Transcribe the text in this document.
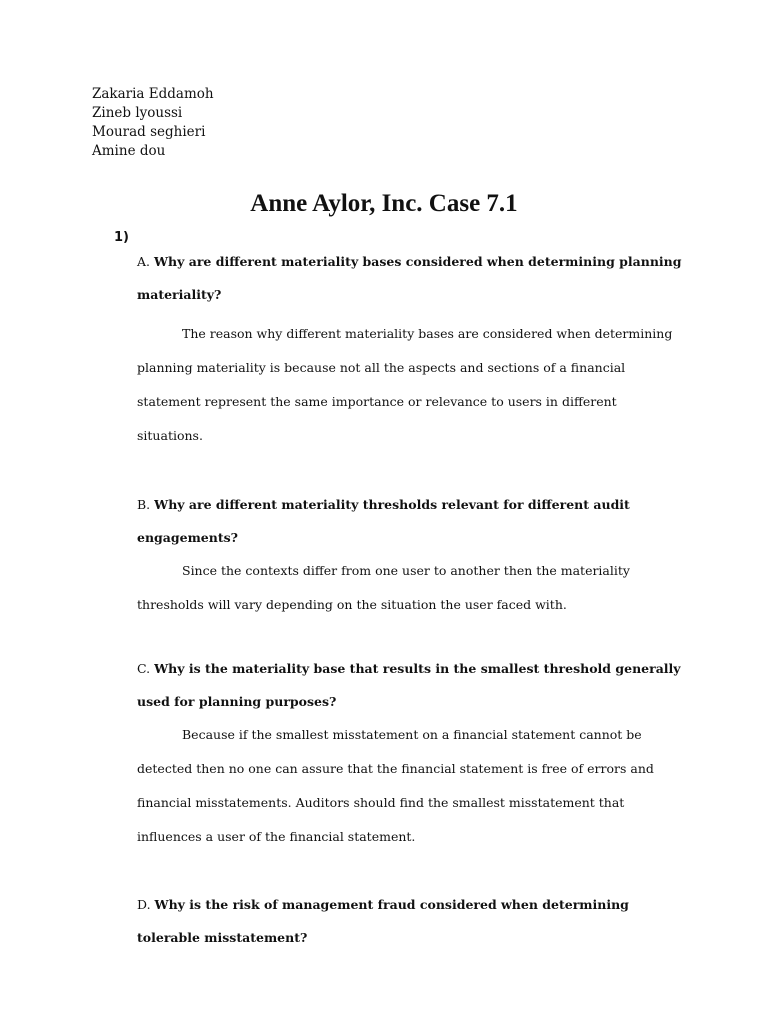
Zakaria Eddamoh
Zineb lyoussi
Mourad seghieri
Amine dou
Anne Aylor, Inc. Case 7.1
1)

A. Why are different materiality bases considered when determining planning materiality?

The reason why different materiality bases are considered when determining planning materiality is because not all the aspects and sections of a financial statement represent the same importance or relevance to users in different situations.

B. Why are different materiality thresholds relevant for different audit engagements?

Since the contexts differ from one user to another then the materiality thresholds will vary depending on the situation the user faced with.

C. Why is the materiality base that results in the smallest threshold generally used for planning purposes?

Because if the smallest misstatement on a financial statement cannot be detected then no one can assure that the financial statement is free of errors and financial misstatements. Auditors should find the smallest misstatement that influences a user of the financial statement.

D. Why is the risk of management fraud considered when determining tolerable misstatement?
